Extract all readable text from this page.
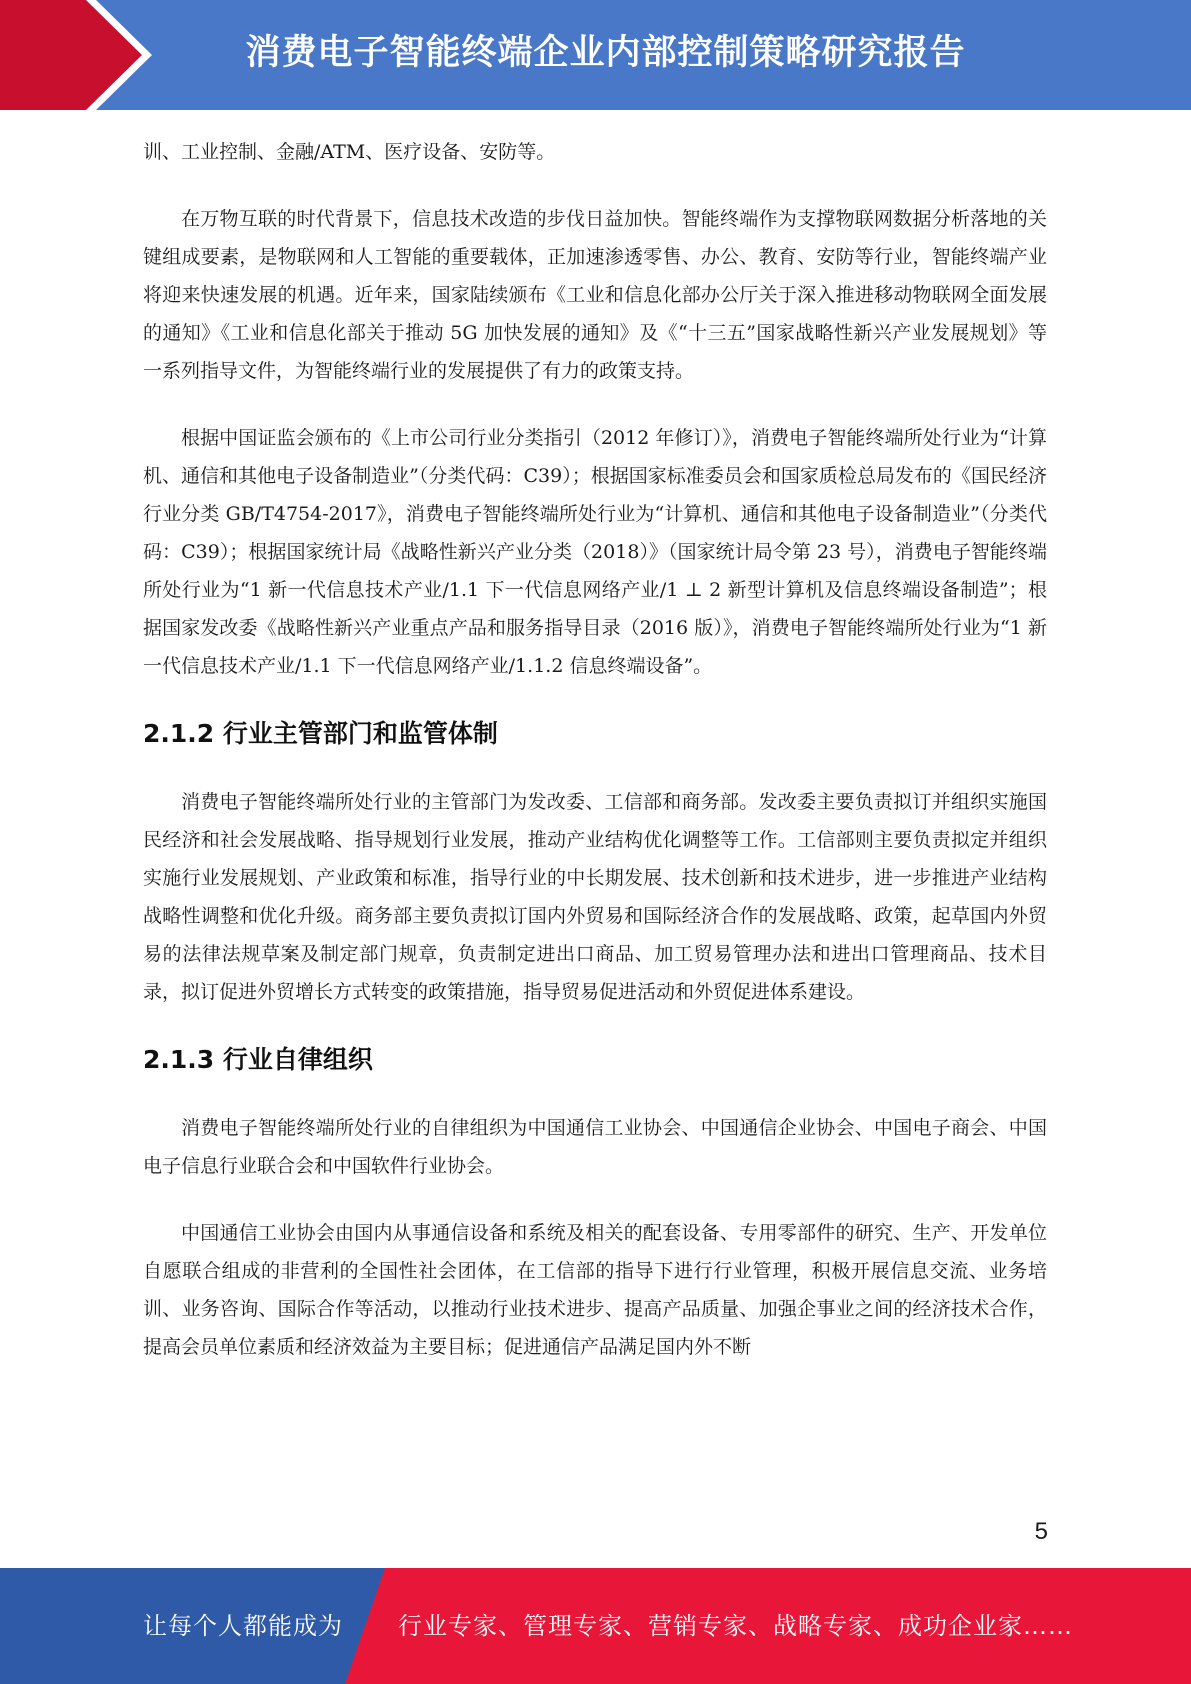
消费电子智能终端企业内部控制策略研究报告

训、工业控制、金融/ATM、医疗设备、安防等。

在万物互联的时代背景下，信息技术改造的步伐日益加快。智能终端作为支撑物联网数据分析落地的关键组成要素，是物联网和人工智能的重要载体，正加速渗透零售、办公、教育、安防等行业，智能终端产业将迎来快速发展的机遇。近年来，国家陆续颁布《工业和信息化部办公厅关于深入推进移动物联网全面发展的通知》《工业和信息化部关于推动 5G 加快发展的通知》及《“十三五”国家战略性新兴产业发展规划》等一系列指导文件，为智能终端行业的发展提供了有力的政策支持。

根据中国证监会颁布的《上市公司行业分类指引（2012 年修订）》，消费电子智能终端所处行业为“计算机、通信和其他电子设备制造业”（分类代码：C39）；根据国家标准委员会和国家质检总局发布的《国民经济行业分类 GB/T4754-2017》，消费电子智能终端所处行业为“计算机、通信和其他电子设备制造业”（分类代码：C39）；根据国家统计局《战略性新兴产业分类（2018）》（国家统计局令第 23 号），消费电子智能终端所处行业为“1 新一代信息技术产业/1.1 下一代信息网络产业/1 ⊥ 2 新型计算机及信息终端设备制造”；根据国家发改委《战略性新兴产业重点产品和服务指导目录（2016 版）》，消费电子智能终端所处行业为“1 新一代信息技术产业/1.1 下一代信息网络产业/1.1.2 信息终端设备”。

2.1.2 行业主管部门和监管体制

消费电子智能终端所处行业的主管部门为发改委、工信部和商务部。发改委主要负责拟订并组织实施国民经济和社会发展战略、指导规划行业发展，推动产业结构优化调整等工作。工信部则主要负责拟定并组织实施行业发展规划、产业政策和标准，指导行业的中长期发展、技术创新和技术进步，进一步推进产业结构战略性调整和优化升级。商务部主要负责拟订国内外贸易和国际经济合作的发展战略、政策，起草国内外贸易的法律法规草案及制定部门规章，负责制定进出口商品、加工贸易管理办法和进出口管理商品、技术目录，拟订促进外贸增长方式转变的政策措施，指导贸易促进活动和外贸促进体系建设。

2.1.3 行业自律组织

消费电子智能终端所处行业的自律组织为中国通信工业协会、中国通信企业协会、中国电子商会、中国电子信息行业联合会和中国软件行业协会。

中国通信工业协会由国内从事通信设备和系统及相关的配套设备、专用零部件的研究、生产、开发单位自愿联合组成的非营利的全国性社会团体，在工信部的指导下进行行业管理，积极开展信息交流、业务培训、业务咨询、国际合作等活动，以推动行业技术进步、提高产品质量、加强企事业之间的经济技术合作，提高会员单位素质和经济效益为主要目标；促进通信产品满足国内外不断

5
让每个人都能成为 行业专家、管理专家、营销专家、战略专家、成功企业家……
